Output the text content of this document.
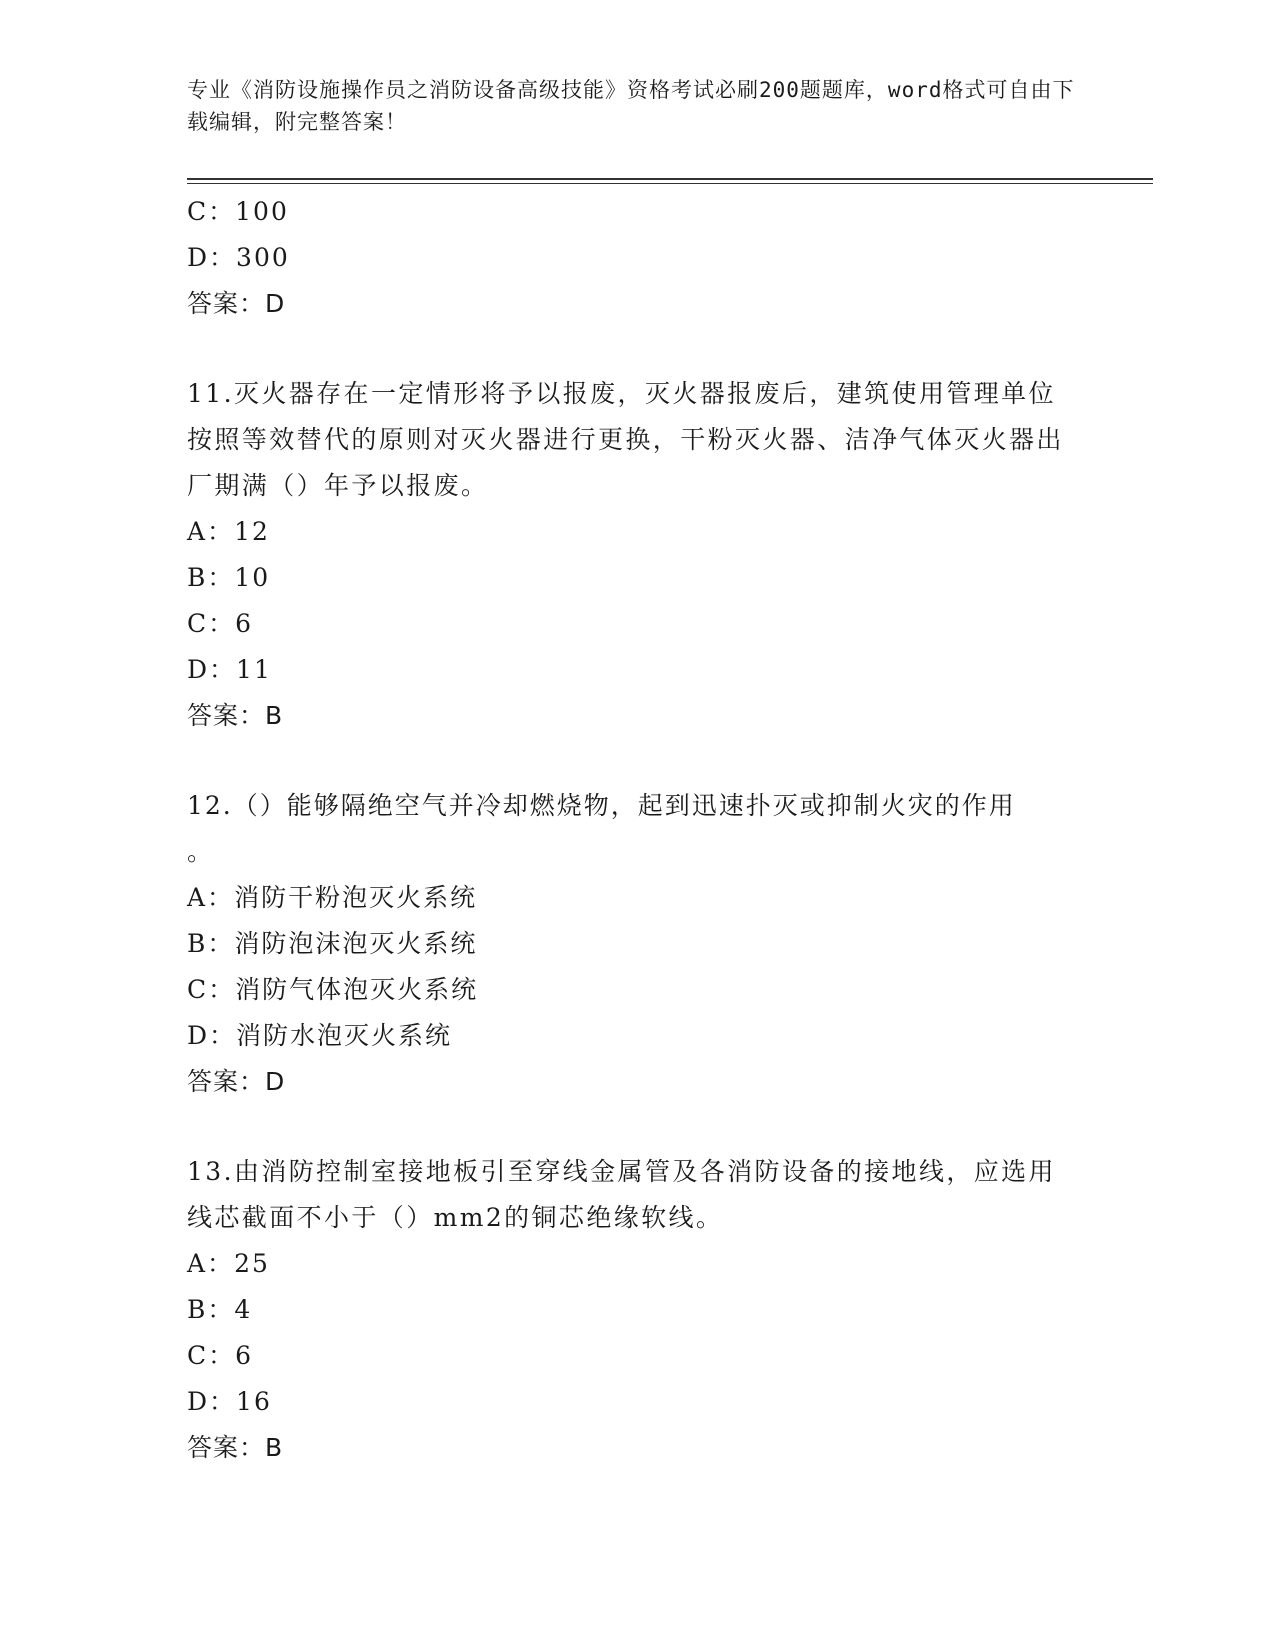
专业《消防设施操作员之消防设备高级技能》资格考试必刷200题题库，word格式可自由下载编辑，附完整答案！
C：100
D：300
答案：D
11.灭火器存在一定情形将予以报废，灭火器报废后，建筑使用管理单位按照等效替代的原则对灭火器进行更换，干粉灭火器、洁净气体灭火器出厂期满（）年予以报废。
A：12
B：10
C：6
D：11
答案：B
12.（）能够隔绝空气并冷却燃烧物，起到迅速扑灭或抑制火灾的作用
。
A：消防干粉泡灭火系统
B：消防泡沫泡灭火系统
C：消防气体泡灭火系统
D：消防水泡灭火系统
答案：D
13.由消防控制室接地板引至穿线金属管及各消防设备的接地线，应选用线芯截面不小于（）mm2的铜芯绝缘软线。
A：25
B：4
C：6
D：16
答案：B
